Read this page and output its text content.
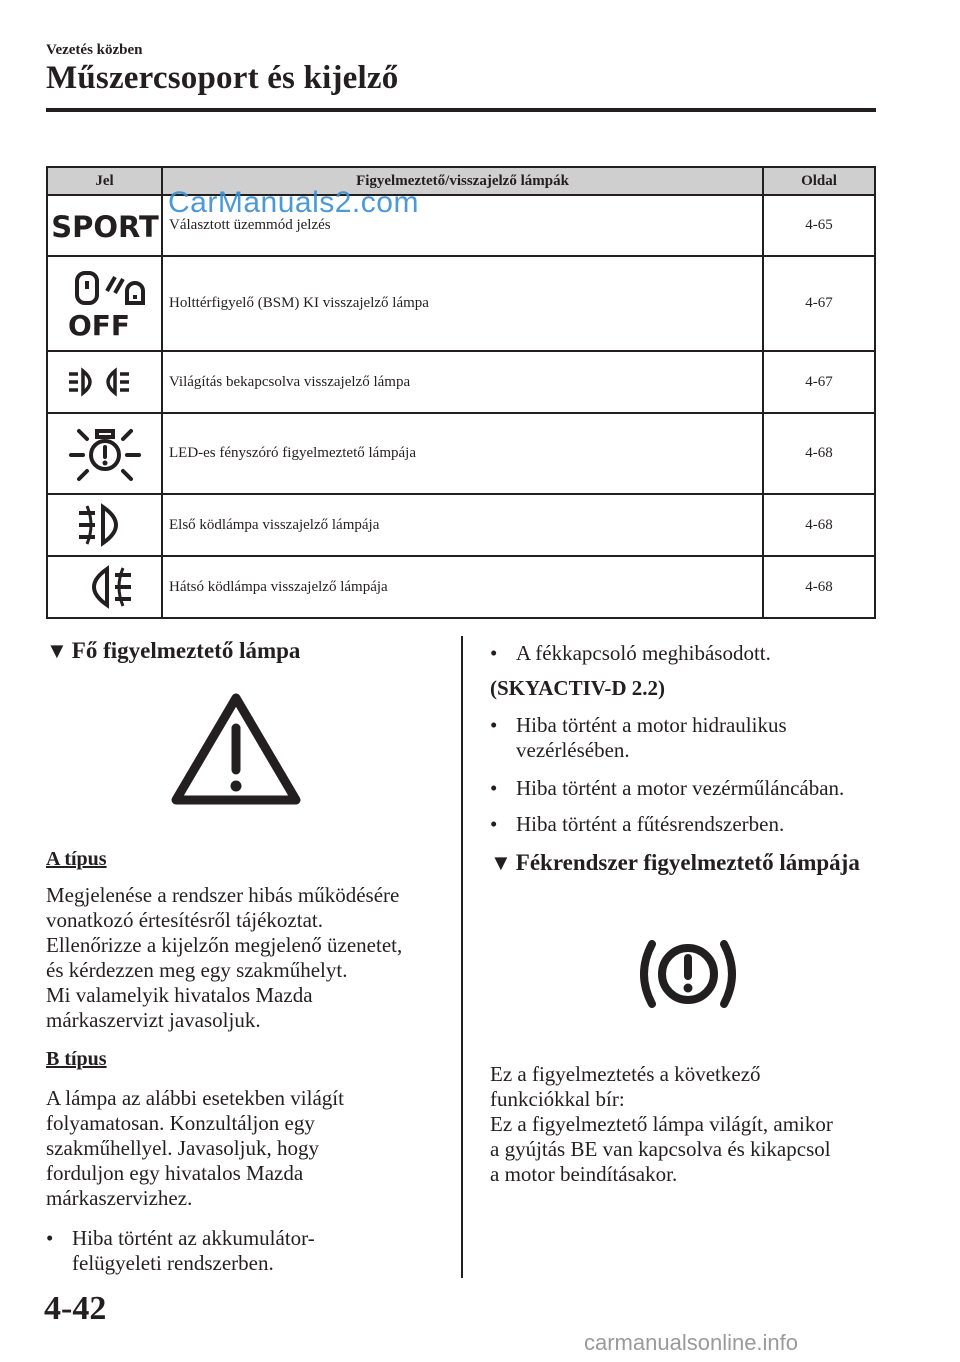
Vezetés közben
Műszercsoport és kijelző
Jel	Figyelmeztető/visszajelző lámpák	Oldal

SPORT	Választott üzemmód jelzés	4-65

OFF	Holttérfigyelő (BSM) KI visszajelző lámpa	4-67

	Világítás bekapcsolva visszajelző lámpa	4-67

	LED-es fényszóró figyelmeztető lámpája	4-68

	Első ködlámpa visszajelző lámpája	4-68

	Hátsó ködlámpa visszajelző lámpája	4-68
CarManuals2.com
▼ Fő figyelmeztető lámpa
A típus
Megjelenése a rendszer hibás működésére
vonatkozó értesítésről tájékoztat.
Ellenőrizze a kijelzőn megjelenő üzenetet,
és kérdezzen meg egy szakműhelyt.
Mi valamelyik hivatalos Mazda
márkaszervizt javasoljuk.
B típus
A lámpa az alábbi esetekben világít
folyamatosan. Konzultáljon egy
szakműhellyel. Javasoljuk, hogy
forduljon egy hivatalos Mazda
márkaszervizhez.
• Hiba történt az akkumulátor-
felügyeleti rendszerben.
• A fékkapcsoló meghibásodott.
(SKYACTIV-D 2.2)
• Hiba történt a motor hidraulikus
vezérlésében.
• Hiba történt a motor vezérműláncában.
• Hiba történt a fűtésrendszerben.
▼ Fékrendszer figyelmeztető lámpája
Ez a figyelmeztetés a következő
funkciókkal bír:
Ez a figyelmeztető lámpa világít, amikor
a gyújtás BE van kapcsolva és kikapcsol
a motor beindításakor.
4-42
carmanualsonline.info
